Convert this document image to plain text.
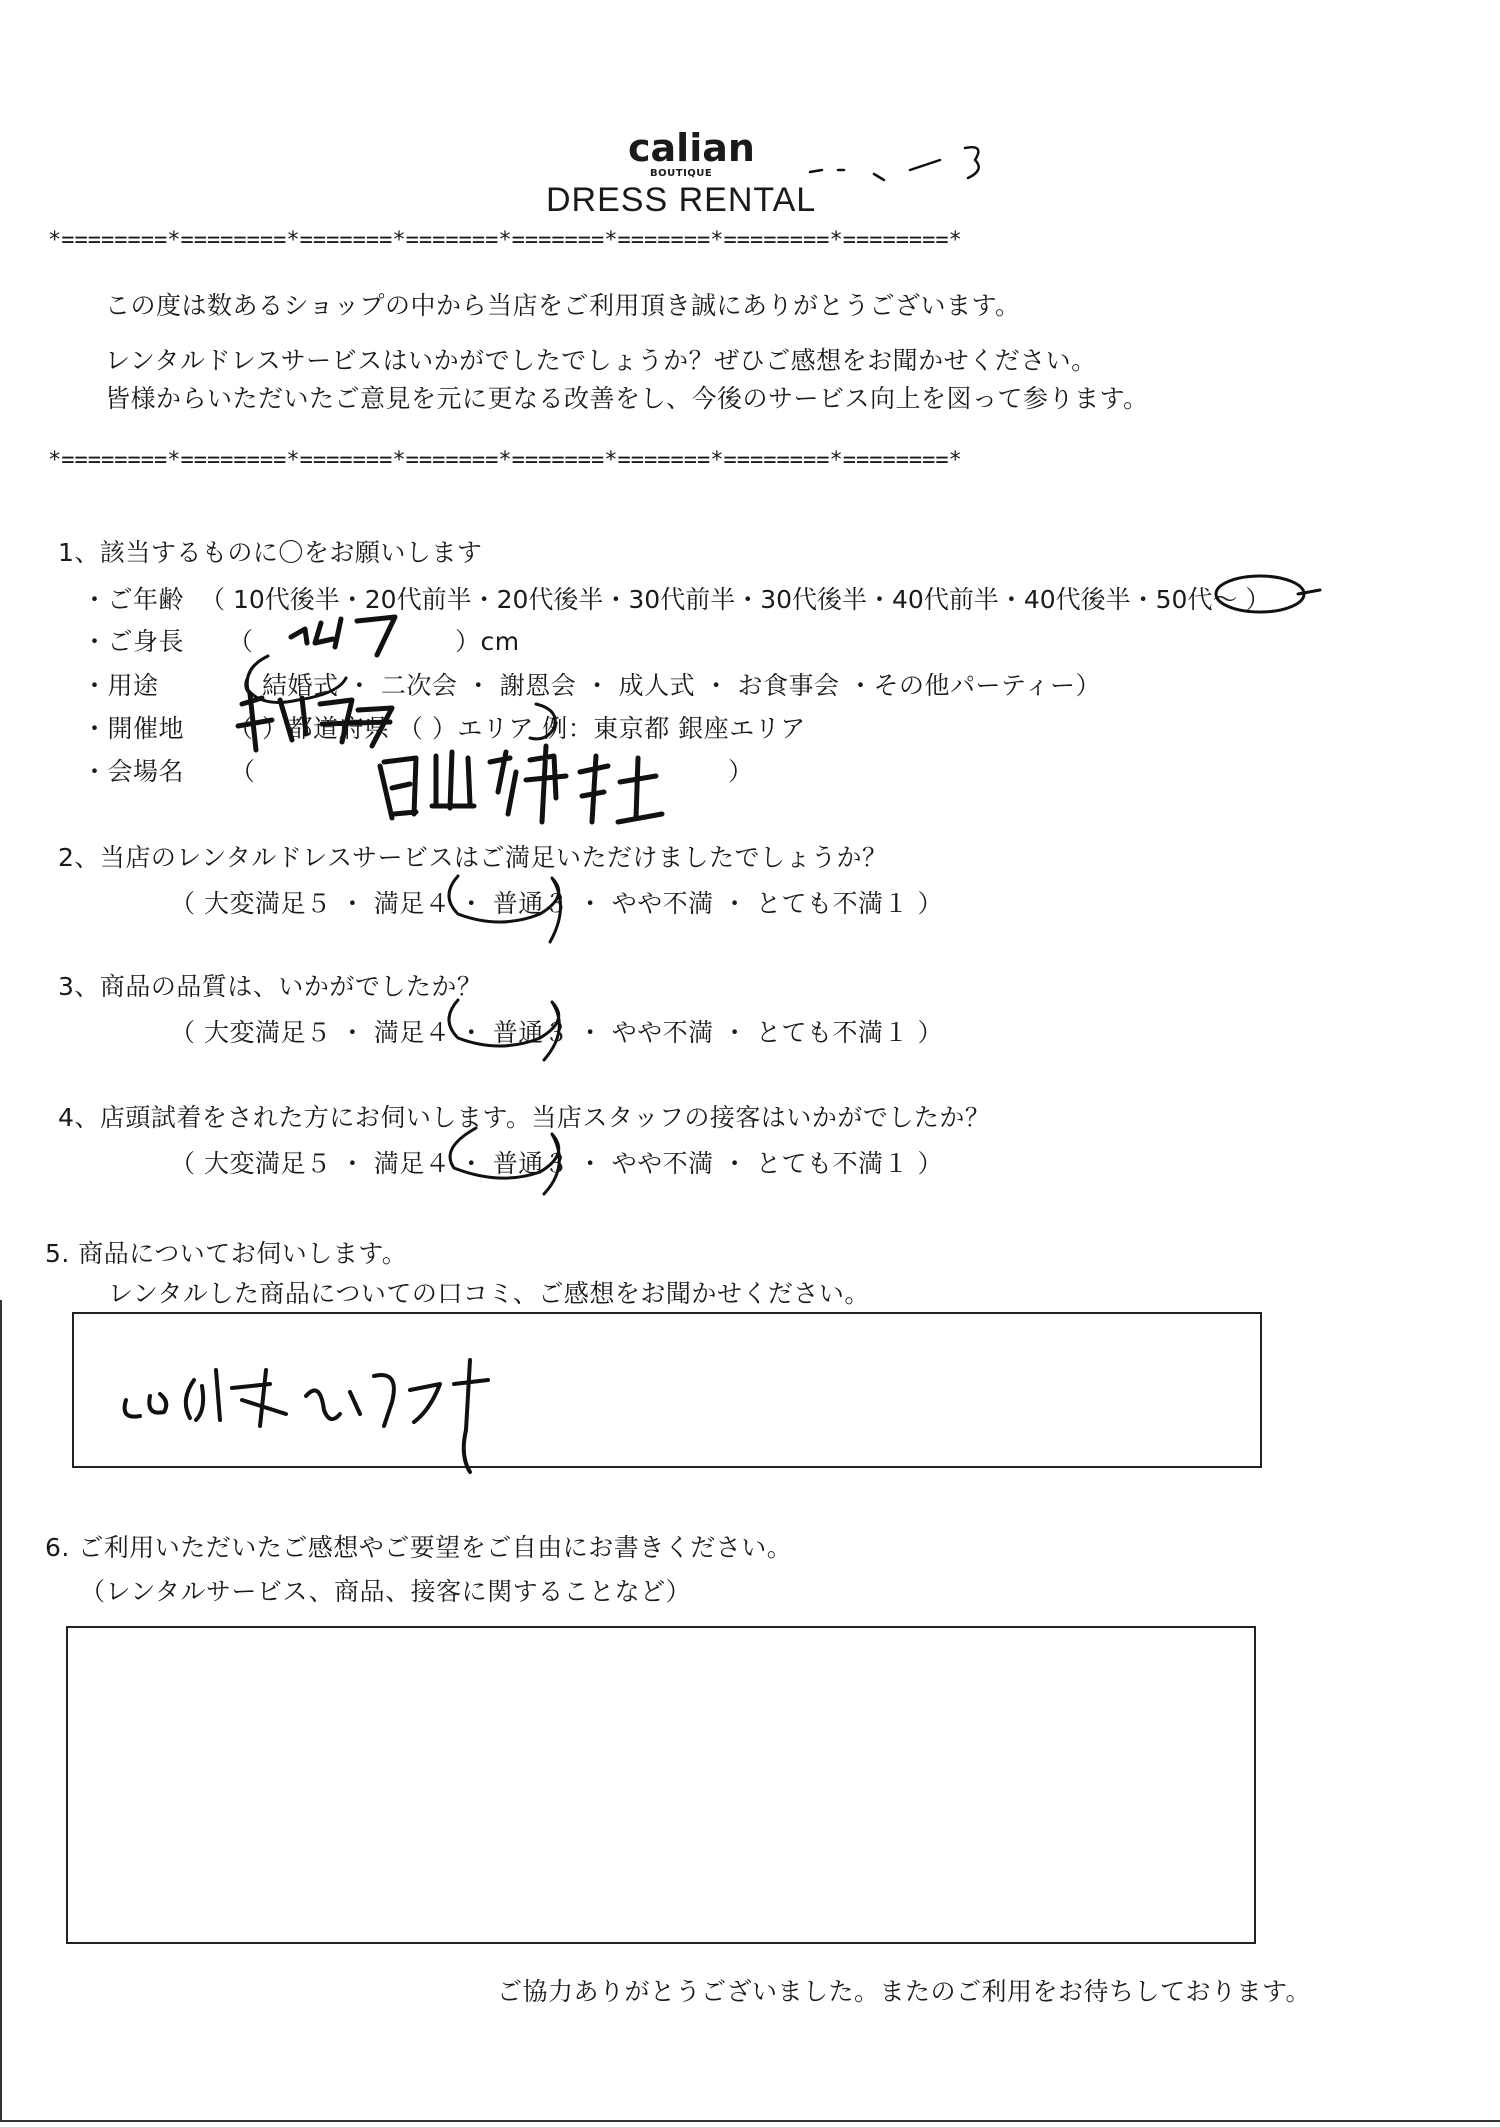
calian
BOUTIQUE
DRESS RENTAL
*========*========*=======*=======*=======*=======*========*========*
*========*========*=======*=======*=======*=======*========*========*
この度は数あるショップの中から当店をご利用頂き誠にありがとうございます。
レンタルドレスサービスはいかがでしたでしょうか？ぜひご感想をお聞かせください。
皆様からいただいたご意見を元に更なる改善をし、今後のサービス向上を図って参ります。
1、該当するものに〇をお願いします
・ご年齢 （ 10代後半・20代前半・20代後半・30代前半・30代後半・40代前半・40代後半・50代～ ）
・ご身長 （	）cm
・用途	（ 結婚式 ・ 二次会 ・ 謝恩会 ・ 成人式 ・ お食事会 ・その他パーティー）
・開催地 （ ）都道府県 （ ）エリア 例：東京都 銀座エリア
・会場名 （	）
2、当店のレンタルドレスサービスはご満足いただけましたでしょうか？
（ 大変満足５ ・ 満足４ ・ 普通３ ・ やや不満 ・ とても不満１ ）
3、商品の品質は、いかがでしたか？
（ 大変満足５ ・ 満足４ ・ 普通３ ・ やや不満 ・ とても不満１ ）
4、店頭試着をされた方にお伺いします。当店スタッフの接客はいかがでしたか？
（ 大変満足５ ・ 満足４ ・ 普通３ ・ やや不満 ・ とても不満１ ）
5. 商品についてお伺いします。
レンタルした商品についての口コミ、ご感想をお聞かせください。
6. ご利用いただいたご感想やご要望をご自由にお書きください。
（レンタルサービス、商品、接客に関することなど）
ご協力ありがとうございました。またのご利用をお待ちしております。
